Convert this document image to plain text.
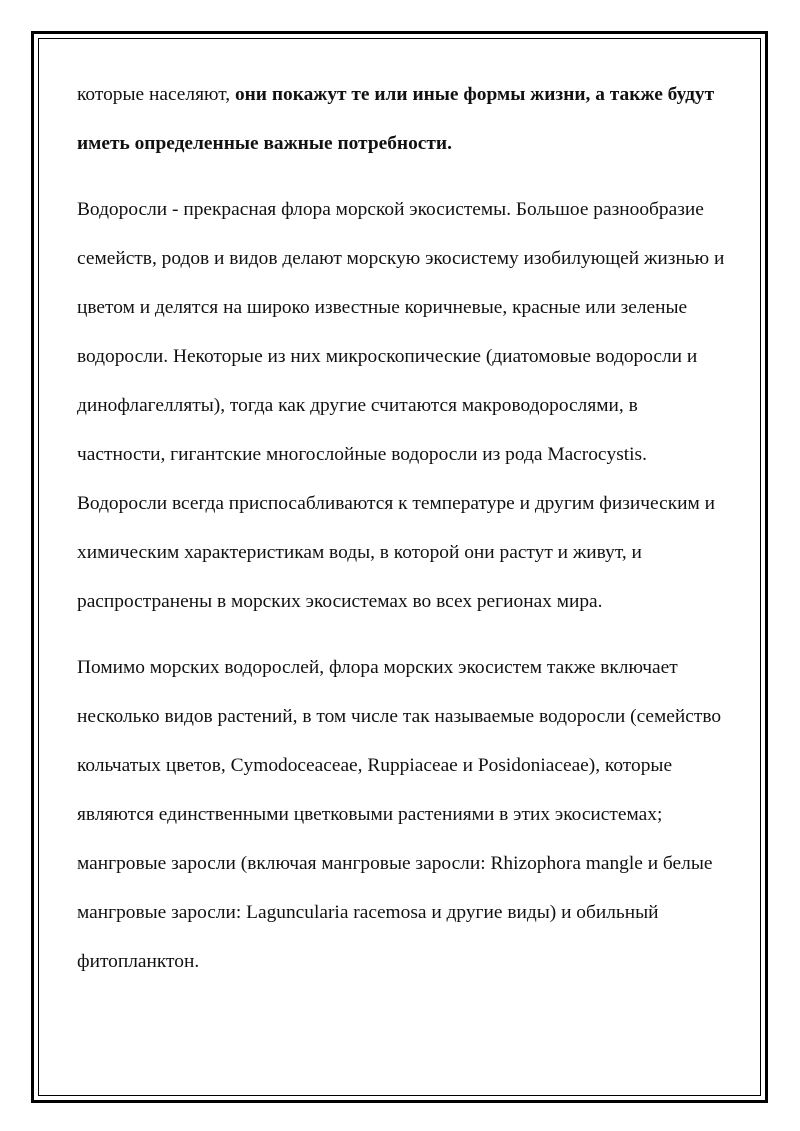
которые населяют, они покажут те или иные формы жизни, а также будут иметь определенные важные потребности.

Водоросли - прекрасная флора морской экосистемы. Большое разнообразие семейств, родов и видов делают морскую экосистему изобилующей жизнью и цветом и делятся на широко известные коричневые, красные или зеленые водоросли. Некоторые из них микроскопические (диатомовые водоросли и динофлагелляты), тогда как другие считаются макроводорослями, в частности, гигантские многослойные водоросли из рода Macrocystis. Водоросли всегда приспосабливаются к температуре и другим физическим и химическим характеристикам воды, в которой они растут и живут, и распространены в морских экосистемах во всех регионах мира.

Помимо морских водорослей, флора морских экосистем также включает несколько видов растений, в том числе так называемые водоросли (семейство кольчатых цветов, Cymodoceaceae, Ruppiaceae и Posidoniaceae), которые являются единственными цветковыми растениями в этих экосистемах; мангровые заросли (включая мангровые заросли: Rhizophora mangle и белые мангровые заросли: Laguncularia racemosa и другие виды) и обильный фитопланктон.
